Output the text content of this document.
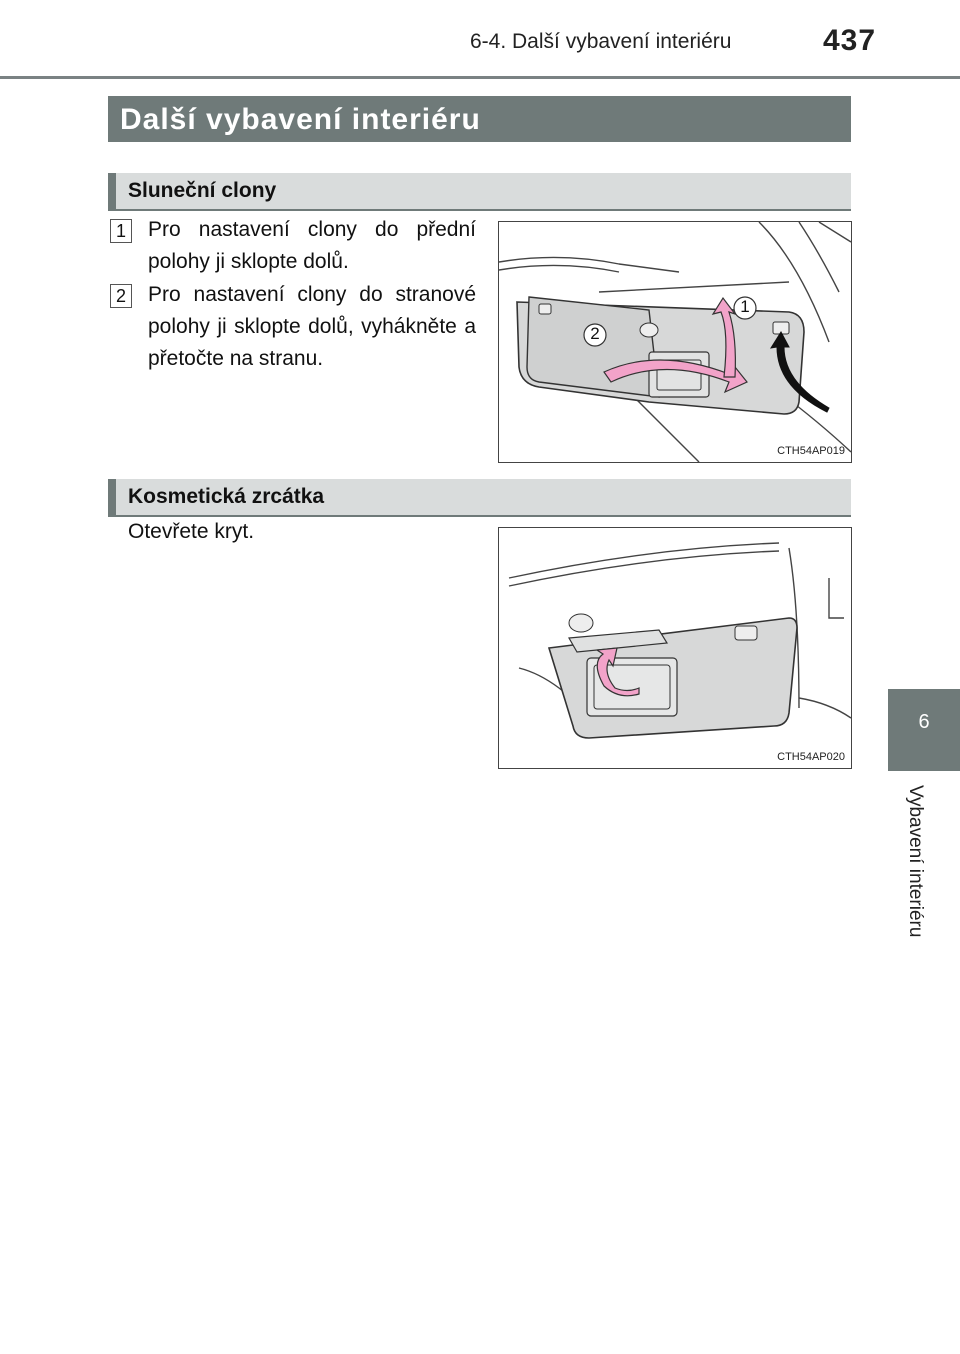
6-4. Další vybavení interiéru	437
Další vybavení interiéru
Sluneční clony
1 Pro nastavení clony do přední polohy ji sklopte dolů.
2 Pro nastavení clony do stranové polohy ji sklopte dolů, vyhákněte a přetočte na stranu.
1
2
CTH54AP019
Kosmetická zrcátka
Otevřete kryt.
CTH54AP020
6
Vybavení interiéru
